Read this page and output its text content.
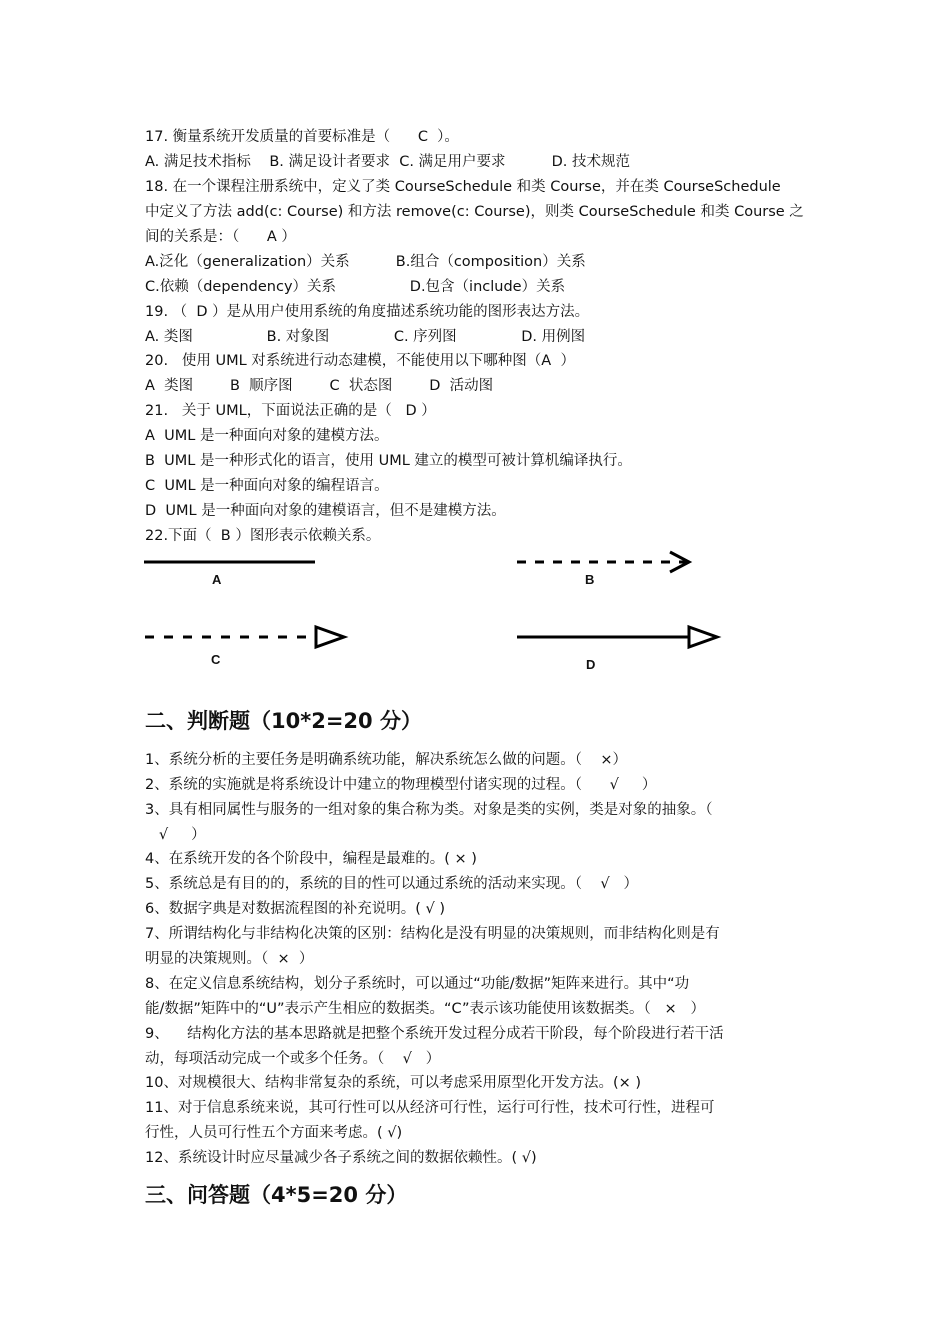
17. 衡量系统开发质量的首要标准是（      C  ）。
A. 满足技术指标    B. 满足设计者要求  C. 满足用户要求          D. 技术规范
18. 在一个课程注册系统中，定义了类 CourseSchedule 和类 Course，并在类 CourseSchedule
中定义了方法 add(c: Course) 和方法 remove(c: Course)，则类 CourseSchedule 和类 Course 之
间的关系是：（      A ）
A.泛化（generalization）关系          B.组合（composition）关系
C.依赖（dependency）关系                D.包含（include）关系
19. （  D ）是从用户使用系统的角度描述系统功能的图形表达方法。
A. 类图                B. 对象图              C. 序列图              D. 用例图
20.   使用 UML 对系统进行动态建模，不能使用以下哪种图（A  ）
A  类图        B  顺序图        C  状态图        D  活动图
21.   关于 UML，下面说法正确的是（   D ）
A  UML 是一种面向对象的建模方法。
B  UML 是一种形式化的语言，使用 UML 建立的模型可被计算机编译执行。
C  UML 是一种面向对象的编程语言。
D  UML 是一种面向对象的建模语言，但不是建模方法。
22.下面（  B ）图形表示依赖关系。
A	B
C	D
二、判断题（10*2=20 分）
1、系统分析的主要任务是明确系统功能，解决系统怎么做的问题。（    ×）
2、系统的实施就是将系统设计中建立的物理模型付诸实现的过程。（      √     ）
3、具有相同属性与服务的一组对象的集合称为类。对象是类的实例，类是对象的抽象。（
√     ）
4、在系统开发的各个阶段中，编程是最难的。( × )
5、系统总是有目的的，系统的目的性可以通过系统的活动来实现。（    √   ）
6、数据字典是对数据流程图的补充说明。( √ )
7、所谓结构化与非结构化决策的区别：结构化是没有明显的决策规则，而非结构化则是有
明显的决策规则。（  ×  ）
8、在定义信息系统结构，划分子系统时，可以通过“功能/数据”矩阵来进行。其中“功
能/数据”矩阵中的“U”表示产生相应的数据类。“C”表示该功能使用该数据类。（   ×   ）
9、    结构化方法的基本思路就是把整个系统开发过程分成若干阶段，每个阶段进行若干活
动，每项活动完成一个或多个任务。（    √   ）
10、对规模很大、结构非常复杂的系统，可以考虑采用原型化开发方法。(× )
11、对于信息系统来说，其可行性可以从经济可行性，运行可行性，技术可行性，进程可
行性，人员可行性五个方面来考虑。( √)
12、系统设计时应尽量减少各子系统之间的数据依赖性。( √)
三、问答题（4*5=20 分）
